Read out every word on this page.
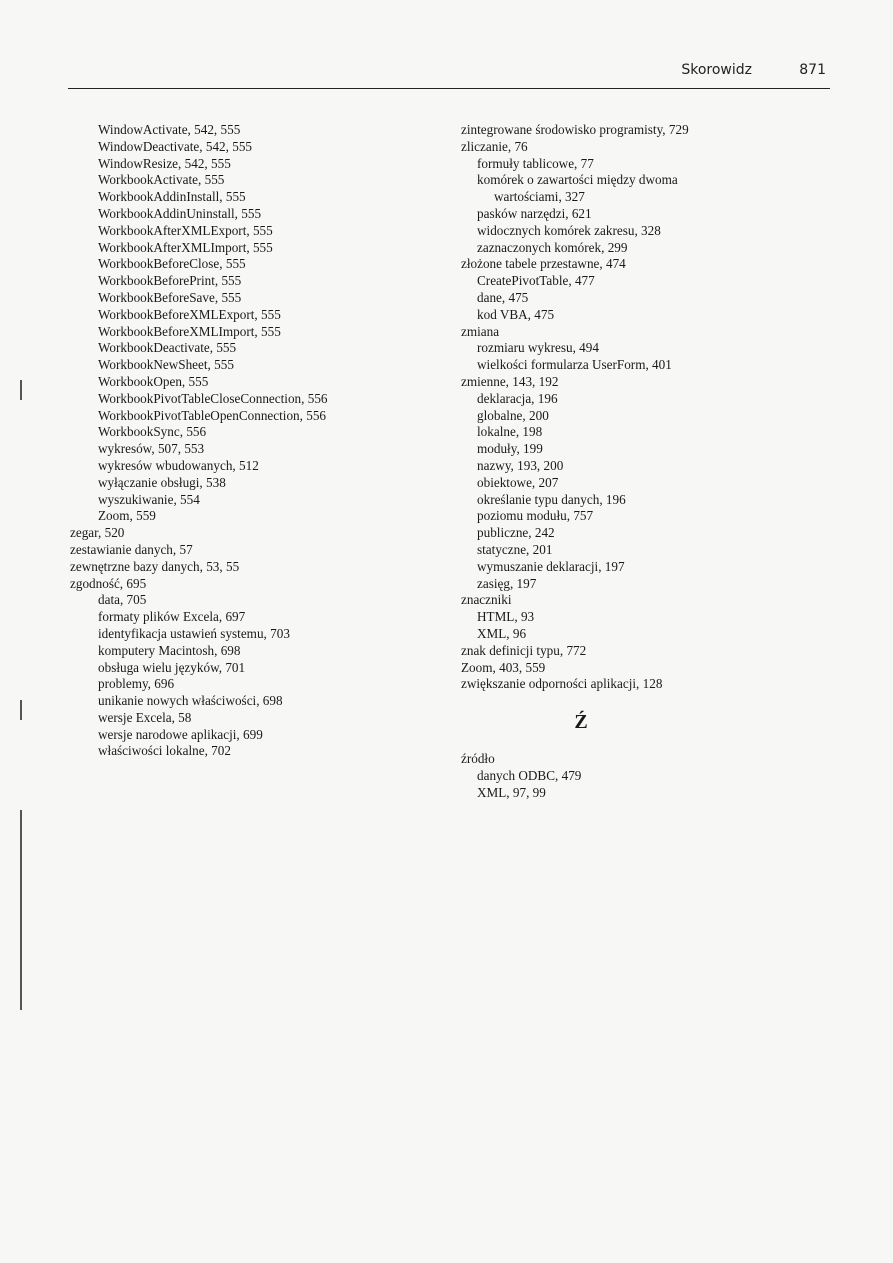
Skorowidz	871
WindowActivate, 542, 555
WindowDeactivate, 542, 555
WindowResize, 542, 555
WorkbookActivate, 555
WorkbookAddinInstall, 555
WorkbookAddinUninstall, 555
WorkbookAfterXMLExport, 555
WorkbookAfterXMLImport, 555
WorkbookBeforeClose, 555
WorkbookBeforePrint, 555
WorkbookBeforeSave, 555
WorkbookBeforeXMLExport, 555
WorkbookBeforeXMLImport, 555
WorkbookDeactivate, 555
WorkbookNewSheet, 555
WorkbookOpen, 555
WorkbookPivotTableCloseConnection, 556
WorkbookPivotTableOpenConnection, 556
WorkbookSync, 556
wykresów, 507, 553
wykresów wbudowanych, 512
wyłączanie obsługi, 538
wyszukiwanie, 554
Zoom, 559
zegar, 520
zestawianie danych, 57
zewnętrzne bazy danych, 53, 55
zgodność, 695
data, 705
formaty plików Excela, 697
identyfikacja ustawień systemu, 703
komputery Macintosh, 698
obsługa wielu języków, 701
problemy, 696
unikanie nowych właściwości, 698
wersje Excela, 58
wersje narodowe aplikacji, 699
właściwości lokalne, 702
zintegrowane środowisko programisty, 729
zliczanie, 76
formuły tablicowe, 77
komórek o zawartości między dwoma
wartościami, 327
pasków narzędzi, 621
widocznych komórek zakresu, 328
zaznaczonych komórek, 299
złożone tabele przestawne, 474
CreatePivotTable, 477
dane, 475
kod VBA, 475
zmiana
rozmiaru wykresu, 494
wielkości formularza UserForm, 401
zmienne, 143, 192
deklaracja, 196
globalne, 200
lokalne, 198
moduły, 199
nazwy, 193, 200
obiektowe, 207
określanie typu danych, 196
poziomu modułu, 757
publiczne, 242
statyczne, 201
wymuszanie deklaracji, 197
zasięg, 197
znaczniki
HTML, 93
XML, 96
znak definicji typu, 772
Zoom, 403, 559
zwiększanie odporności aplikacji, 128
Ź
źródło
danych ODBC, 479
XML, 97, 99
